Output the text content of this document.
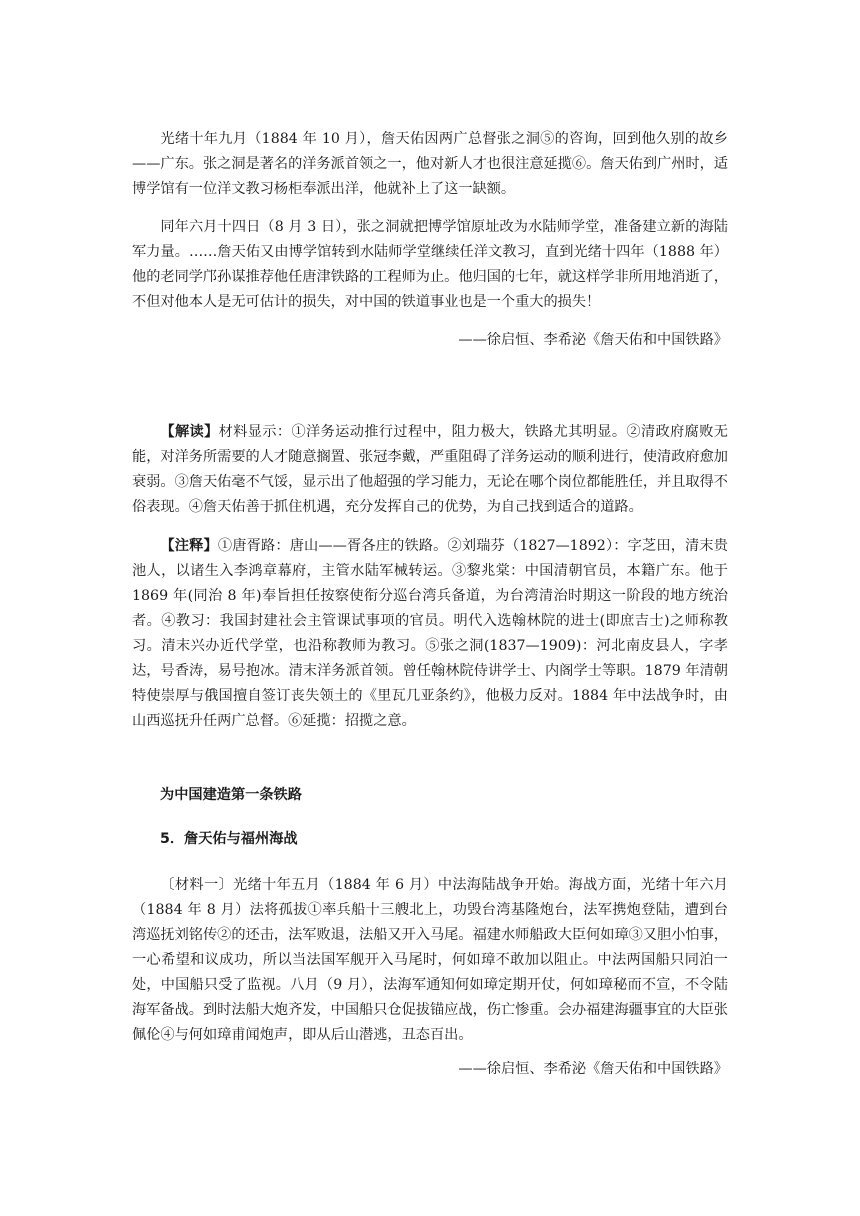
光绪十年九月（1884 年 10 月），詹天佑因两广总督张之洞⑤的咨询，回到他久别的故乡——广东。张之洞是著名的洋务派首领之一，他对新人才也很注意延揽⑥。詹天佑到广州时，适博学馆有一位洋文教习杨柜奉派出洋，他就补上了这一缺额。

同年六月十四日（8 月 3 日），张之洞就把博学馆原址改为水陆师学堂，准备建立新的海陆军力量。……詹天佑又由博学馆转到水陆师学堂继续任洋文教习，直到光绪十四年（1888 年）他的老同学邝孙谋推荐他任唐津铁路的工程师为止。他归国的七年，就这样学非所用地消逝了，不但对他本人是无可估计的损失，对中国的铁道事业也是一个重大的损失！

——徐启恒、李希泌《詹天佑和中国铁路》

【解读】材料显示：①洋务运动推行过程中，阻力极大，铁路尤其明显。②清政府腐败无能，对洋务所需要的人才随意搁置、张冠李戴，严重阻碍了洋务运动的顺利进行，使清政府愈加衰弱。③詹天佑毫不气馁，显示出了他超强的学习能力，无论在哪个岗位都能胜任，并且取得不俗表现。④詹天佑善于抓住机遇，充分发挥自己的优势，为自己找到适合的道路。

【注释】①唐胥路：唐山——胥各庄的铁路。②刘瑞芬（1827—1892）：字芝田，清末贵池人，以诸生入李鸿章幕府，主管水陆军械转运。③黎兆棠：中国清朝官员，本籍广东。他于 1869 年(同治 8 年)奉旨担任按察使衔分巡台湾兵备道，为台湾清治时期这一阶段的地方统治者。④教习：我国封建社会主管课试事项的官员。明代入选翰林院的进士(即庶吉士)之师称教习。清末兴办近代学堂，也沿称教师为教习。⑤张之洞(1837—1909)：河北南皮县人，字孝达，号香涛，易号抱冰。清末洋务派首领。曾任翰林院侍讲学士、内阁学士等职。1879 年清朝特使崇厚与俄国擅自签订丧失领土的《里瓦几亚条约》，他极力反对。1884 年中法战争时，由山西巡抚升任两广总督。⑥延揽：招揽之意。

为中国建造第一条铁路

5．詹天佑与福州海战

〔材料一〕光绪十年五月（1884 年 6 月）中法海陆战争开始。海战方面，光绪十年六月（1884 年 8 月）法将孤拔①率兵船十三艘北上，功毁台湾基隆炮台，法军携炮登陆，遭到台湾巡抚刘铭传②的还击，法军败退，法船又开入马尾。福建水师船政大臣何如璋③又胆小怕事，一心希望和议成功，所以当法国军舰开入马尾时，何如璋不敢加以阻止。中法两国船只同泊一处，中国船只受了监视。八月（9 月），法海军通知何如璋定期开仗，何如璋秘而不宣，不令陆海军备战。到时法船大炮齐发，中国船只仓促拔锚应战，伤亡惨重。会办福建海疆事宜的大臣张佩伦④与何如璋甫闻炮声，即从后山潜逃，丑态百出。

——徐启恒、李希泌《詹天佑和中国铁路》
